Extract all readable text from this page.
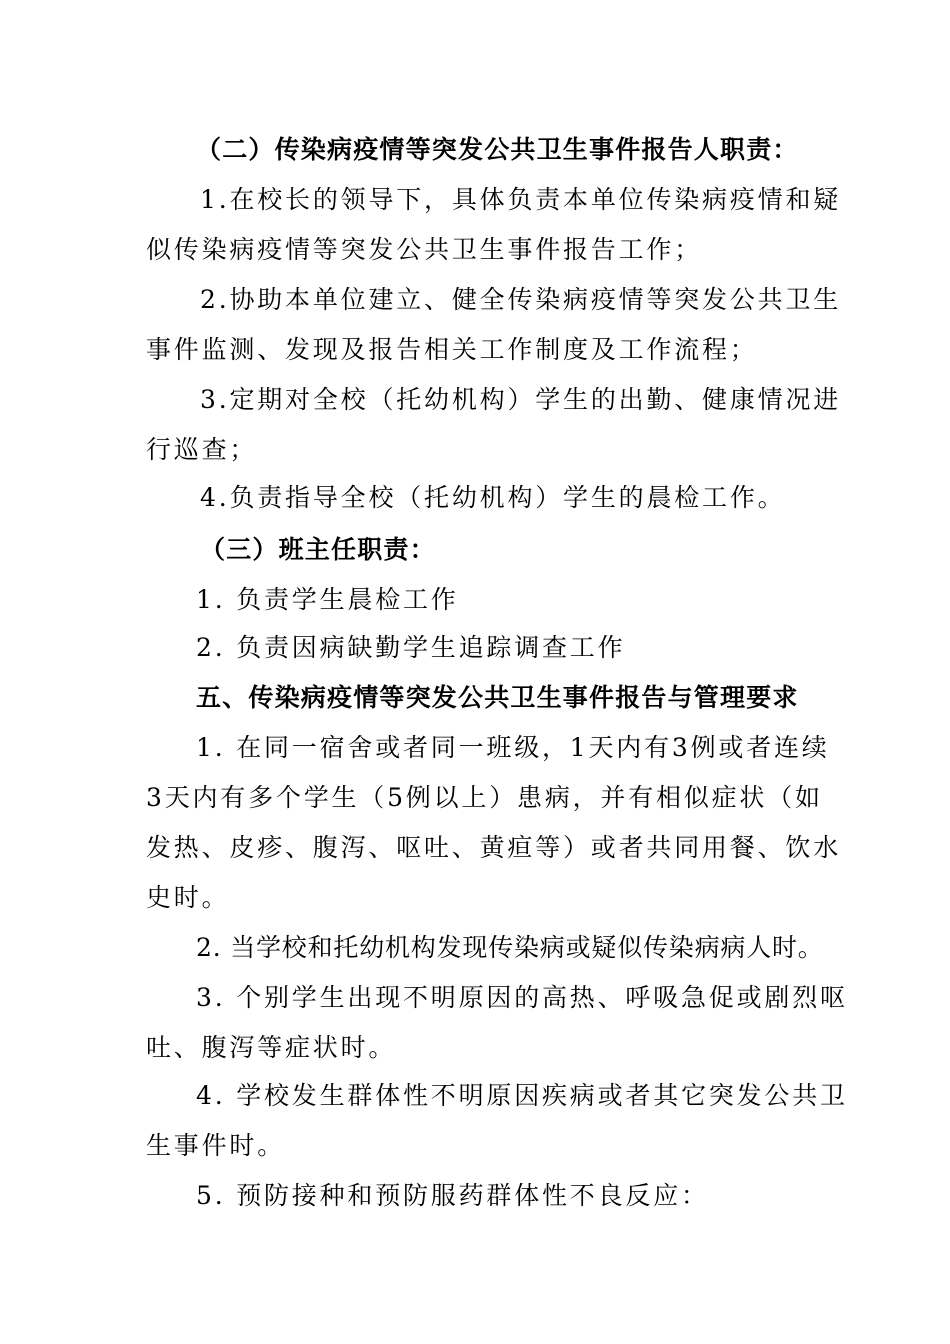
（二）传染病疫情等突发公共卫生事件报告人职责：
1.在校长的领导下，具体负责本单位传染病疫情和疑
似传染病疫情等突发公共卫生事件报告工作；
2.协助本单位建立、健全传染病疫情等突发公共卫生
事件监测、发现及报告相关工作制度及工作流程；
3.定期对全校（托幼机构）学生的出勤、健康情况进
行巡查；
4.负责指导全校（托幼机构）学生的晨检工作。
（三）班主任职责：
1. 负责学生晨检工作
2. 负责因病缺勤学生追踪调查工作
五、传染病疫情等突发公共卫生事件报告与管理要求
1. 在同一宿舍或者同一班级，1天内有3例或者连续
3天内有多个学生（5例以上）患病，并有相似症状（如
发热、皮疹、腹泻、呕吐、黄疸等）或者共同用餐、饮水
史时。
2. 当学校和托幼机构发现传染病或疑似传染病病人时。
3. 个别学生出现不明原因的高热、呼吸急促或剧烈呕
吐、腹泻等症状时。
4. 学校发生群体性不明原因疾病或者其它突发公共卫
生事件时。
5. 预防接种和预防服药群体性不良反应：
